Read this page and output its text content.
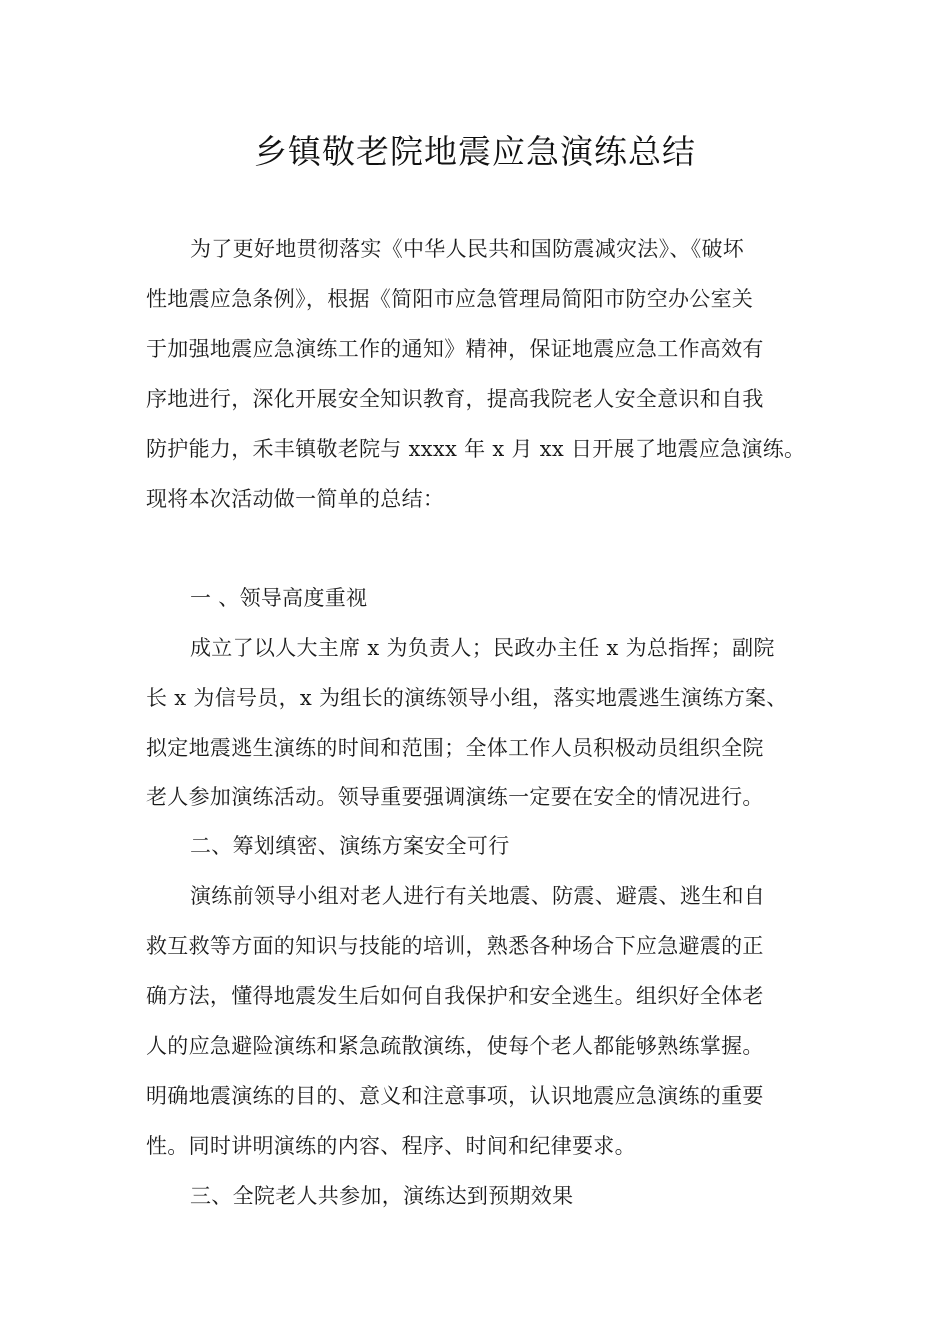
乡镇敬老院地震应急演练总结
为了更好地贯彻落实《中华人民共和国防震减灾法》、《破坏
性地震应急条例》，根据《简阳市应急管理局简阳市防空办公室关
于加强地震应急演练工作的通知》精神，保证地震应急工作高效有
序地进行，深化开展安全知识教育，提高我院老人安全意识和自我
防护能力，禾丰镇敬老院与 xxxx 年 x 月 xx 日开展了地震应急演练。
现将本次活动做一简单的总结：
一 、领导高度重视
成立了以人大主席 x 为负责人；民政办主任 x 为总指挥；副院
长 x 为信号员，x 为组长的演练领导小组，落实地震逃生演练方案、
拟定地震逃生演练的时间和范围；全体工作人员积极动员组织全院
老人参加演练活动。领导重要强调演练一定要在安全的情况进行。
二、筹划缜密、演练方案安全可行
演练前领导小组对老人进行有关地震、防震、避震、逃生和自
救互救等方面的知识与技能的培训，熟悉各种场合下应急避震的正
确方法，懂得地震发生后如何自我保护和安全逃生。组织好全体老
人的应急避险演练和紧急疏散演练，使每个老人都能够熟练掌握。
明确地震演练的目的、意义和注意事项，认识地震应急演练的重要
性。同时讲明演练的内容、程序、时间和纪律要求。
三、全院老人共参加，演练达到预期效果
